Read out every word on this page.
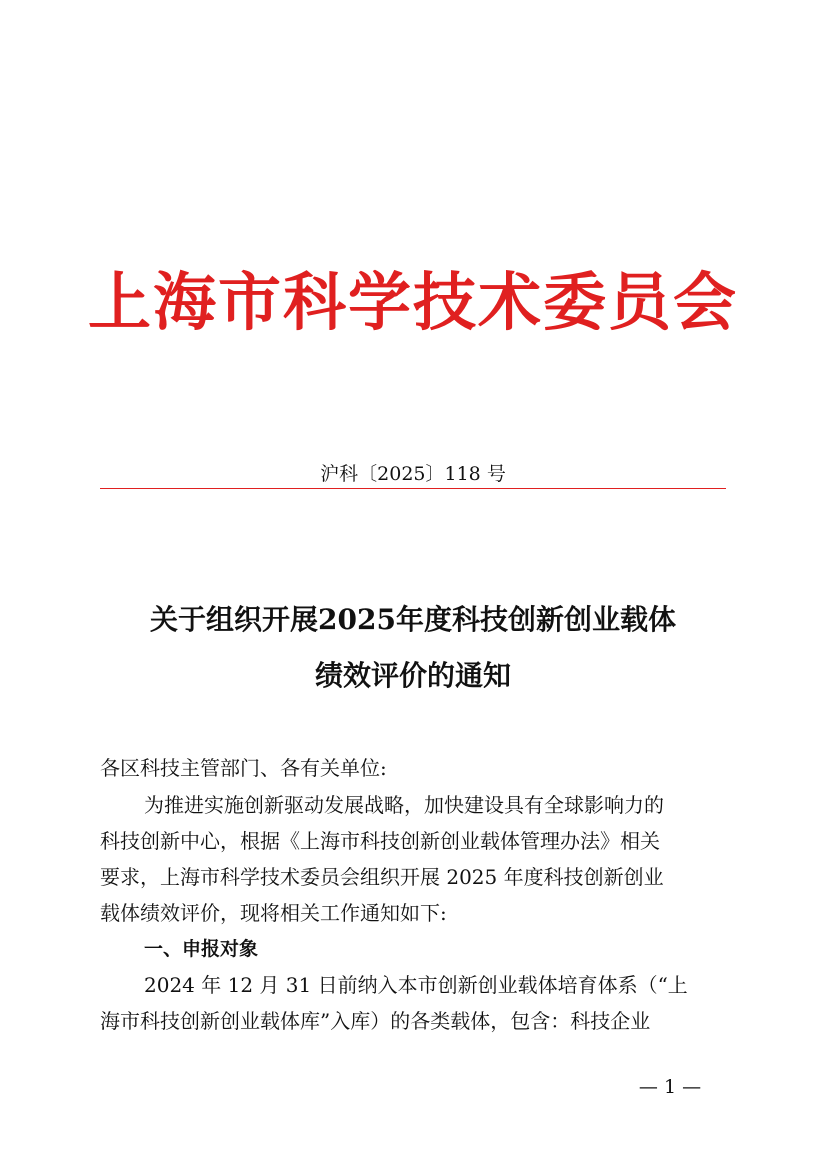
上海市科学技术委员会
沪科〔2025〕118 号
关于组织开展2025年度科技创新创业载体
绩效评价的通知
各区科技主管部门、各有关单位:
为推进实施创新驱动发展战略，加快建设具有全球影响力的
科技创新中心，根据《上海市科技创新创业载体管理办法》相关
要求，上海市科学技术委员会组织开展 2025 年度科技创新创业
载体绩效评价，现将相关工作通知如下:
一、申报对象
2024 年 12 月 31 日前纳入本市创新创业载体培育体系（“上
海市科技创新创业载体库”入库）的各类载体，包含：科技企业
— 1 —
